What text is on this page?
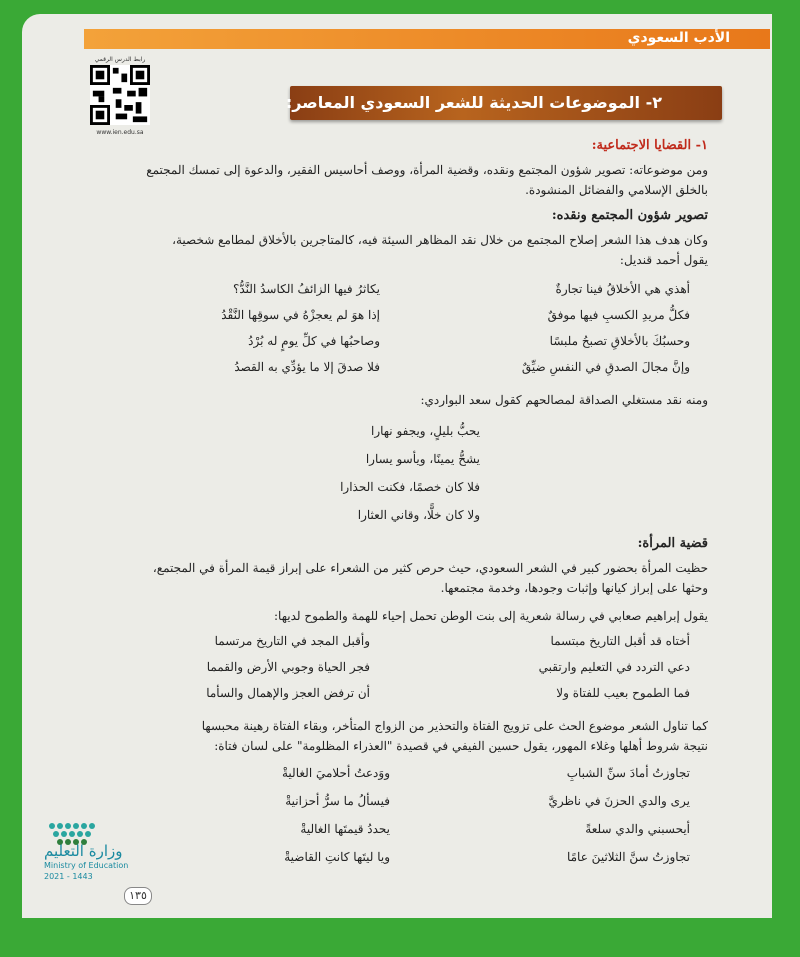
الأدب السعودي
رابط الدرس الرقمي
www.ien.edu.sa
٢- الموضوعات الحديثة للشعر السعودي المعاصر:
١- القضايا الاجتماعية:
ومن موضوعاته: تصوير شؤون المجتمع ونقده، وقضية المرأة، ووصف أحاسيس الفقير، والدعوة إلى تمسك المجتمع
بالخلق الإسلامي والفضائل المنشودة.
تصوير شؤون المجتمع ونقده:
وكان هدف هذا الشعر إصلاح المجتمع من خلال نقد المظاهر السيئة فيه، كالمتاجرين بالأخلاق لمطامع شخصية،
يقول أحمد قنديل:
أهذي هي الأخلاقُ فينا تجارةٌ
يكاثرُ فيها الزائفُ الكاسدُ النَّدُّ؟
فكلُّ مريدِ الكسبِ فيها موفقٌ
إذا هوَ لم يعجزْهُ في سوقِها النَّقْدُ
وحسبُكَ بالأخلاقِ تصبحُ ملبسًا
وصاحبُها في كلِّ يومٍ له بُرْدُ
وإنَّ مجالَ الصدقِ في النفسِ ضيِّقٌ
فلا صدقَ إلا ما يؤدِّي به القصدُ
ومنه نقد مستغلي الصداقة لمصالحهم كقول سعد البواردي:
يحبُّ بليلٍ، ويجفو نهارا
يشحُّ يمينًا، ويأسو يسارا
فلا كان خصمًا، فكنت الحذارا
ولا كان خلًّا، وقاني العثارا
قضية المرأة:
حظيت المرأة بحضور كبير في الشعر السعودي، حيث حرص كثير من الشعراء على إبراز قيمة المرأة في المجتمع،
وحثها على إبراز كيانها وإثبات وجودها، وخدمة مجتمعها.
يقول إبراهيم صعابي في رسالة شعرية إلى بنت الوطن تحمل إحياء للهمة والطموح لديها:
أختاه قد أقبل التاريخ مبتسما
وأقبل المجد في التاريخ مرتسما
دعي التردد في التعليم وارتقبي
فجر الحياة وجوبي الأرض والقمما
فما الطموح بعيب للفتاة ولا
أن ترفض العجز والإهمال والسأما
كما تناول الشعر موضوع الحث على تزويج الفتاة والتحذير من الزواج المتأخر، وبقاء الفتاة رهينة محبسها
نتيجة شروط أهلها وغلاء المهور، يقول حسين الفيفي في قصيدة "العذراء المظلومة" على لسان فتاة:
تجاوزتُ أمادَ سنِّ الشبابِ
ووَدعتُ أحلاميَ الغاليةْ
يرى والدي الحزنَ في ناظريَّ
فيسألُ ما سرُّ أحزانيةْ
أيحسبني والدي سلعةً
يحددُ قيمتَها الغاليةْ
تجاوزتُ سنَّ الثلاثينَ عامًا
ويا ليتَها كانتِ القاضيةْ
وزارة التعليم
Ministry of Education
2021 - 1443
١٣٥
